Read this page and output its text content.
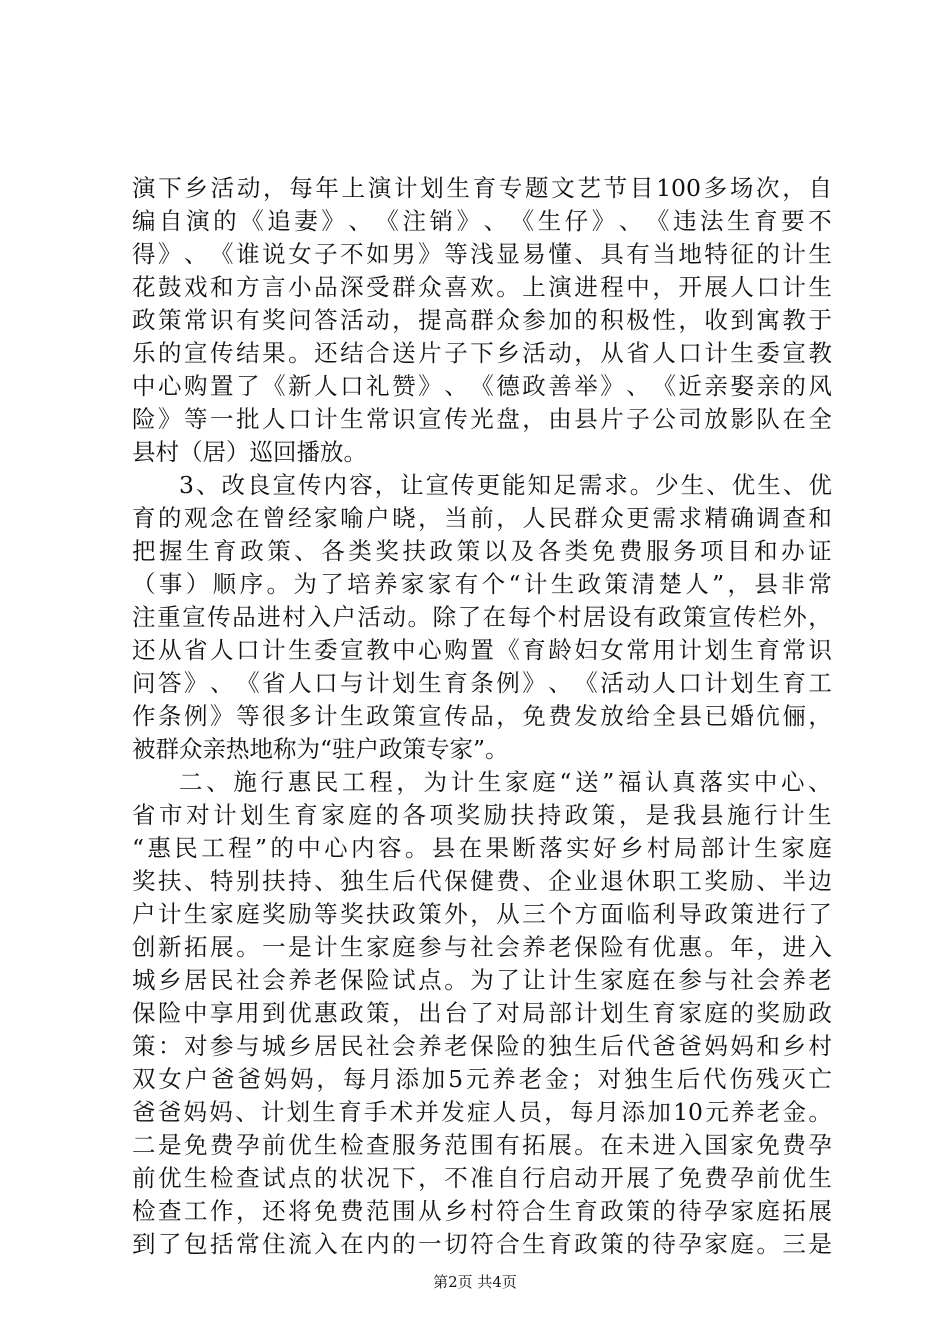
演 下 乡 活 动 ， 每 年 上 演 计 划 生 育 专 题 文 艺 节 目 100 多 场 次 ， 自
编 自 演 的 《 追 妻 》 、 《 注 销 》 、 《 生 仔 》 、 《 违 法 生 育 要 不
得 》 、 《 谁 说 女 子 不 如 男 》 等 浅 显 易 懂 、 具 有 当 地 特 征 的 计 生
花 鼓 戏 和 方 言 小 品 深 受 群 众 喜 欢 。 上 演 进 程 中 ， 开 展 人 口 计 生
政 策 常 识 有 奖 问 答 活 动 ， 提 高 群 众 参 加 的 积 极 性 ， 收 到 寓 教 于
乐 的 宣 传 结 果 。 还 结 合 送 片 子 下 乡 活 动 ， 从 省 人 口 计 生 委 宣 教
中 心 购 置 了 《 新 人 口 礼 赞 》 、 《 德 政 善 举 》 、 《 近 亲 娶 亲 的 风
险 》 等 一 批 人 口 计 生 常 识 宣 传 光 盘 ， 由 县 片 子 公 司 放 影 队 在 全
县村（居）巡回播放。
3 、 改 良 宣 传 内 容 ， 让 宣 传 更 能 知 足 需 求 。 少 生 、 优 生 、 优
育 的 观 念 在 曾 经 家 喻 户 晓 ， 当 前 ， 人 民 群 众 更 需 求 精 确 调 查 和
把 握 生 育 政 策 、 各 类 奖 扶 政 策 以 及 各 类 免 费 服 务 项 目 和 办 证
（ 事 ） 顺 序 。 为 了 培 养 家 家 有 个 “ 计 生 政 策 清 楚 人 ” ， 县 非 常
注 重 宣 传 品 进 村 入 户 活 动 。 除 了 在 每 个 村 居 设 有 政 策 宣 传 栏 外 ，
还 从 省 人 口 计 生 委 宣 教 中 心 购 置 《 育 龄 妇 女 常 用 计 划 生 育 常 识
问 答 》 、 《 省 人 口 与 计 划 生 育 条 例 》 、 《 活 动 人 口 计 划 生 育 工
作 条 例 》 等 很 多 计 生 政 策 宣 传 品 ， 免 费 发 放 给 全 县 已 婚 伉 俪 ，
被群众亲热地称为“驻户政策专家”。
二 、 施 行 惠 民 工 程 ， 为 计 生 家 庭 “ 送 ” 福 认 真 落 实 中 心 、
省 市 对 计 划 生 育 家 庭 的 各 项 奖 励 扶 持 政 策 ， 是 我 县 施 行 计 生
“ 惠 民 工 程 ” 的 中 心 内 容 。 县 在 果 断 落 实 好 乡 村 局 部 计 生 家 庭
奖 扶 、 特 别 扶 持 、 独 生 后 代 保 健 费 、 企 业 退 休 职 工 奖 励 、 半 边
户 计 生 家 庭 奖 励 等 奖 扶 政 策 外 ， 从 三 个 方 面 临 利 导 政 策 进 行 了
创 新 拓 展 。 一 是 计 生 家 庭 参 与 社 会 养 老 保 险 有 优 惠 。 年 ， 进 入
城 乡 居 民 社 会 养 老 保 险 试 点 。 为 了 让 计 生 家 庭 在 参 与 社 会 养 老
保 险 中 享 用 到 优 惠 政 策 ， 出 台 了 对 局 部 计 划 生 育 家 庭 的 奖 励 政
策 ： 对 参 与 城 乡 居 民 社 会 养 老 保 险 的 独 生 后 代 爸 爸 妈 妈 和 乡 村
双 女 户 爸 爸 妈 妈 ， 每 月 添 加 5 元 养 老 金 ； 对 独 生 后 代 伤 残 灭 亡
爸 爸 妈 妈 、 计 划 生 育 手 术 并 发 症 人 员 ， 每 月 添 加 10 元 养 老 金 。
二 是 免 费 孕 前 优 生 检 查 服 务 范 围 有 拓 展 。 在 未 进 入 国 家 免 费 孕
前 优 生 检 查 试 点 的 状 况 下 ， 不 准 自 行 启 动 开 展 了 免 费 孕 前 优 生
检 查 工 作 ， 还 将 免 费 范 围 从 乡 村 符 合 生 育 政 策 的 待 孕 家 庭 拓 展
到 了 包 括 常 住 流 入 在 内 的 一 切 符 合 生 育 政 策 的 待 孕 家 庭 。 三 是
第2页 共4页
